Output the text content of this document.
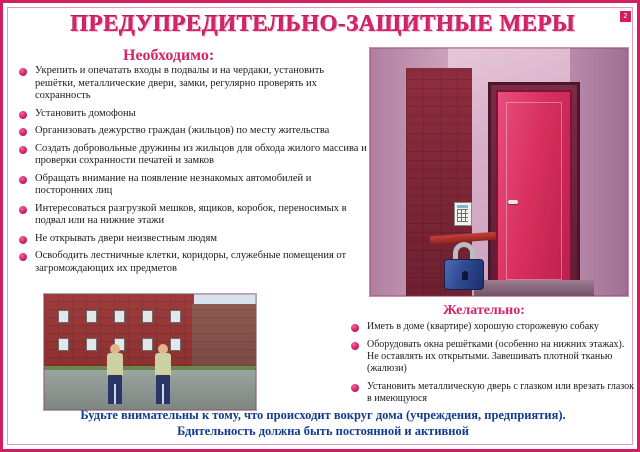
ПРЕДУПРЕДИТЕЛЬНО-ЗАЩИТНЫЕ МЕРЫ	2
Необходимо:
Укрепить и опечатать входы в подвалы и на чердаки, установить решётки, металлические двери, замки, регулярно проверять их сохранность
Установить домофоны
Организовать дежурство граждан (жильцов) по месту жительства
Создать добровольные дружины из жильцов для обхода жилого массива и проверки сохранности печатей и замков
Обращать внимание на появление незнакомых автомобилей и посторонних лиц
Интересоваться разгрузкой мешков, ящиков, коробок, переносимых в подвал или на нижние этажи
Не открывать двери неизвестным людям
Освободить лестничные клетки, коридоры, служебные помещения от загромождающих их предметов
Желательно:
Иметь в доме (квартире) хорошую сторожевую собаку
Оборудовать окна решётками (особенно на нижних этажах). Не оставлять их открытыми. Завешивать плотной тканью (жалюзи)
Установить металлическую дверь с глазком или врезать глазок в имеющуюся
Будьте внимательны к тому, что происходит вокруг дома (учреждения, предприятия).
Бдительность должна быть постоянной и активной
